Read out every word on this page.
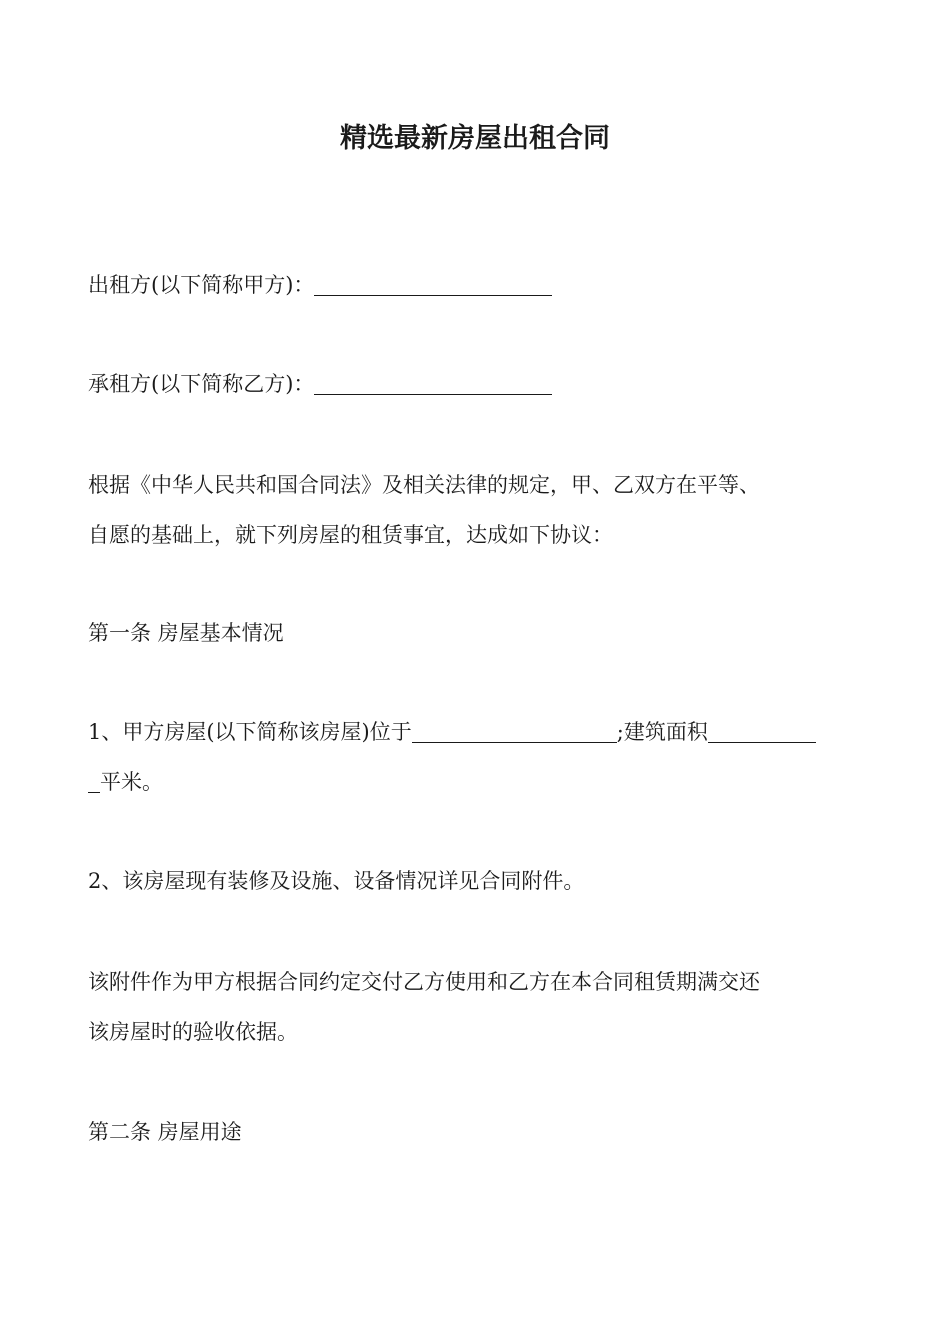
精选最新房屋出租合同
出租方(以下简称甲方)：
承租方(以下简称乙方)：
根据《中华人民共和国合同法》及相关法律的规定，甲、乙双方在平等、
自愿的基础上，就下列房屋的租赁事宜，达成如下协议：
第一条 房屋基本情况
1、甲方房屋(以下简称该房屋)位于	;建筑面积
平米。
2、该房屋现有装修及设施、设备情况详见合同附件。
该附件作为甲方根据合同约定交付乙方使用和乙方在本合同租赁期满交还
该房屋时的验收依据。
第二条 房屋用途
